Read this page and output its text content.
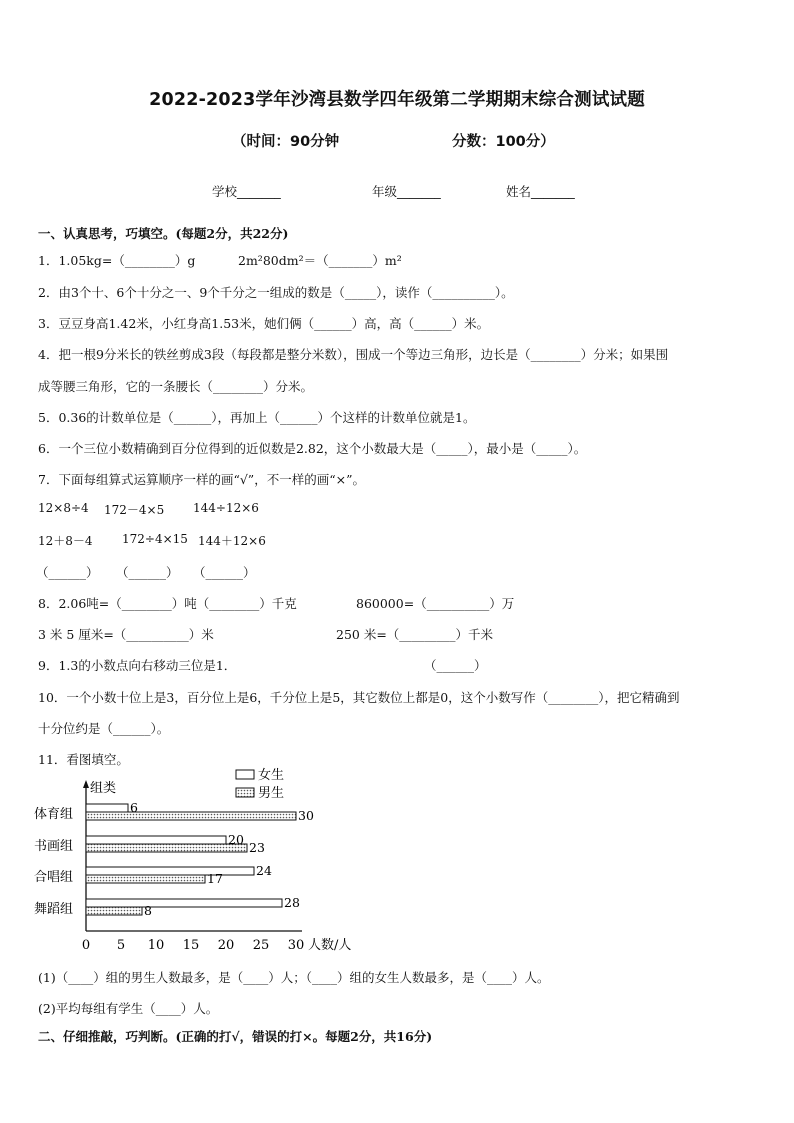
2022-2023学年沙湾县数学四年级第二学期期末综合测试试题
（时间：90分钟	分数：100分）
学校_______	年级_______	姓名_______
一、认真思考，巧填空。(每题2分，共22分)
1．1.05kg=（________）g	2m²80dm²＝（_______）m²
2．由3个十、6个十分之一、9个千分之一组成的数是（_____），读作（__________）。
3．豆豆身高1.42米，小红身高1.53米，她们俩（______）高，高（______）米。
4．把一根9分米长的铁丝剪成3段（每段都是整分米数），围成一个等边三角形，边长是（________）分米；如果围
成等腰三角形，它的一条腰长（________）分米。
5．0.36的计数单位是（______），再加上（______）个这样的计数单位就是1。
6．一个三位小数精确到百分位得到的近似数是2.82，这个小数最大是（_____），最小是（_____）。
7．下面每组算式运算顺序一样的画“√”，不一样的画“×”。
12×8÷4 172－4×5 144÷12×6
12＋8－4 172÷4×15 144＋12×6
（______） （______） （______）
8．2.06吨=（________）吨（________）千克	860000=（__________）万
3 米 5 厘米=（__________）米	250 米=（_________）千米
9．1.3的小数点向右移动三位是1．	（______）
10．一个小数十位上是3，百分位上是6，千分位上是5，其它数位上都是0，这个小数写作（________），把它精确到
十分位约是（______）。
11．看图填空。
组类
人数/人
0 5 10 15 20 25 30
体育组	6
30
书画组	20
23
合唱组	24
17
舞蹈组	28
8
女生
男生
(1)（____）组的男生人数最多，是（____）人；（____）组的女生人数最多，是（____）人。
(2)平均每组有学生（____）人。
二、仔细推敲，巧判断。(正确的打√，错误的打×。每题2分，共16分)
